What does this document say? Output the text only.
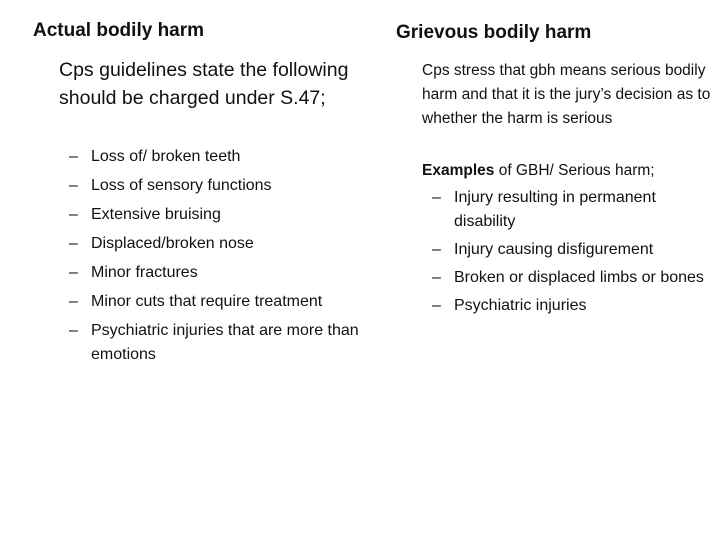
Actual bodily harm

Cps guidelines state the following should be charged under S.47;

– Loss of/ broken teeth
– Loss of sensory functions
– Extensive bruising
– Displaced/broken nose
– Minor fractures
– Minor cuts that require treatment
– Psychiatric injuries that are more than emotions
Grievous bodily harm

Cps stress that gbh means serious bodily harm and that it is the jury’s decision as to whether the harm is serious

Examples of GBH/ Serious harm;

– Injury resulting in permanent disability
– Injury causing disfigurement
– Broken or displaced limbs or bones
– Psychiatric injuries
